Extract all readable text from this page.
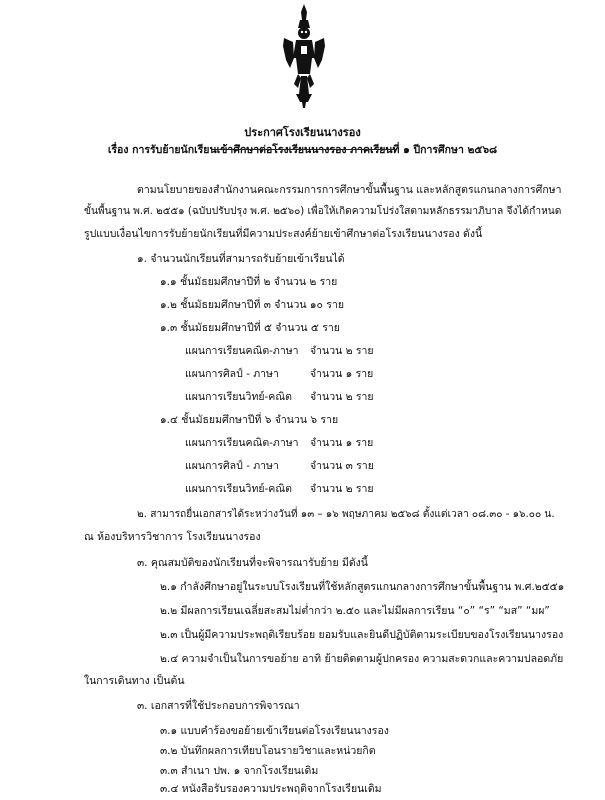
ประกาศโรงเรียนนางรอง
เรื่อง การรับย้ายนักเรียนเข้าศึกษาต่อโรงเรียนนางรอง ภาคเรียนที่ ๑ ปีการศึกษา ๒๕๖๘
ตามนโยบายของสำนักงานคณะกรรมการการศึกษาขั้นพื้นฐาน และหลักสูตรแกนกลางการศึกษา
ขั้นพื้นฐาน พ.ศ. ๒๕๕๑ (ฉบับปรับปรุง พ.ศ. ๒๕๖๐) เพื่อให้เกิดความโปร่งใสตามหลักธรรมาภิบาล จึงได้กำหนด
รูปแบบเงื่อนไขการรับย้ายนักเรียนที่มีความประสงค์ย้ายเข้าศึกษาต่อโรงเรียนนางรอง ดังนี้
๑. จำนวนนักเรียนที่สามารถรับย้ายเข้าเรียนได้
๑.๑ ชั้นมัธยมศึกษาปีที่ ๒ จำนวน ๒ ราย
๑.๒ ชั้นมัธยมศึกษาปีที่ ๓ จำนวน ๑๐ ราย
๑.๓ ชั้นมัธยมศึกษาปีที่ ๕ จำนวน ๕ ราย
แผนการเรียนคณิต-ภาษา จำนวน ๒ ราย
แผนการศิลป์ - ภาษา	จำนวน ๑ ราย
แผนการเรียนวิทย์-คณิต จำนวน ๒ ราย
๑.๔ ชั้นมัธยมศึกษาปีที่ ๖ จำนวน ๖ ราย
แผนการเรียนคณิต-ภาษา จำนวน ๑ ราย
แผนการศิลป์ - ภาษา	จำนวน ๓ ราย
แผนการเรียนวิทย์-คณิต จำนวน ๒ ราย
๒. สามารถยื่นเอกสารได้ระหว่างวันที่ ๑๓ – ๑๖ พฤษภาคม ๒๕๖๘ ตั้งแต่เวลา ๐๘.๓๐ - ๑๖.๐๐ น.
ณ ห้องบริหารวิชาการ โรงเรียนนางรอง
๓. คุณสมบัติของนักเรียนที่จะพิจารณารับย้าย มีดังนี้
๒.๑ กำลังศึกษาอยู่ในระบบโรงเรียนที่ใช้หลักสูตรแกนกลางการศึกษาขั้นพื้นฐาน พ.ศ.๒๕๕๑
๒.๒ มีผลการเรียนเฉลี่ยสะสมไม่ต่ำกว่า ๒.๕๐ และไม่มีผลการเรียน “๐” “ร” “มส” “มผ”
๒.๓ เป็นผู้มีความประพฤติเรียบร้อย ยอมรับและยินดีปฏิบัติตามระเบียบของโรงเรียนนางรอง
๒.๔ ความจำเป็นในการขอย้าย อาทิ ย้ายติดตามผู้ปกครอง ความสะดวกและความปลอดภัย
ในการเดินทาง เป็นต้น
๓. เอกสารที่ใช้ประกอบการพิจารณา
๓.๑ แบบคำร้องขอย้ายเข้าเรียนต่อโรงเรียนนางรอง
๓.๒ บันทึกผลการเทียบโอนรายวิชาและหน่วยกิต
๓.๓ สำเนา ปพ. ๑ จากโรงเรียนเดิม
๓.๔ หนังสือรับรองความประพฤติจากโรงเรียนเดิม
